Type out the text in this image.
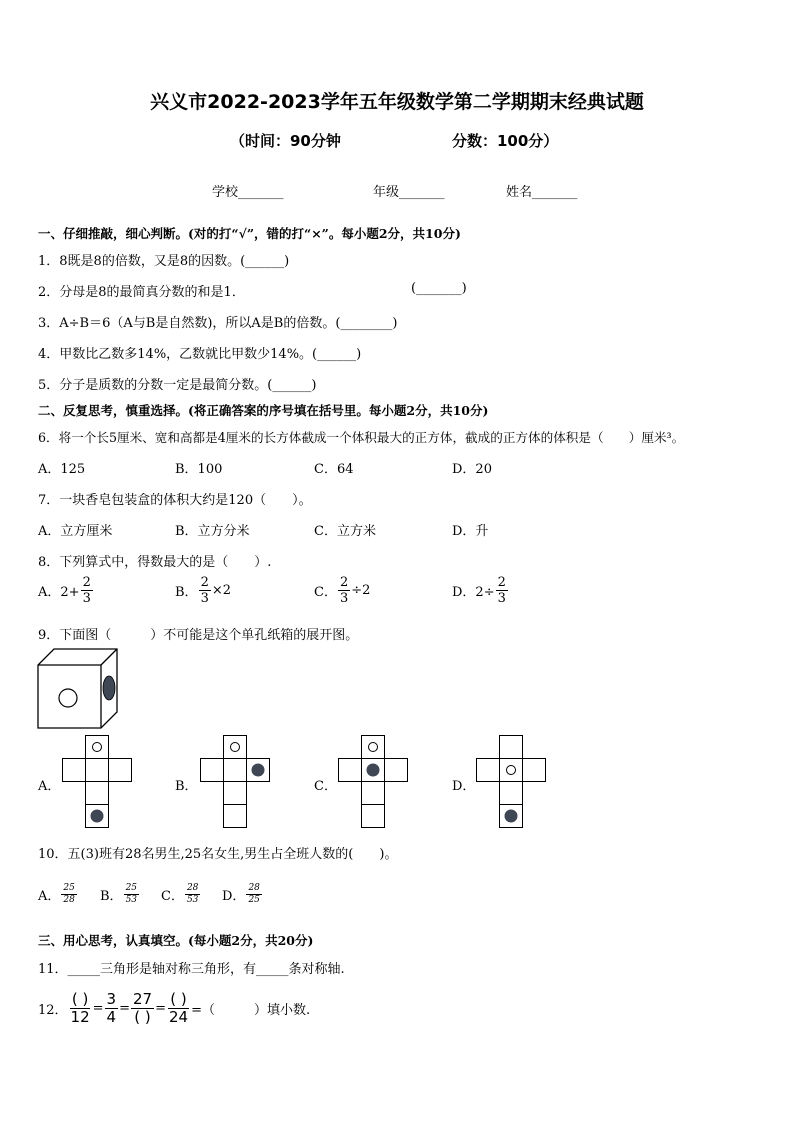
兴义市2022-2023学年五年级数学第二学期期末经典试题
（时间：90分钟	分数：100分）
学校_______	年级_______	姓名_______
一、仔细推敲，细心判断。(对的打“√”，错的打“×”。每小题2分，共10分)
1．8既是8的倍数，又是8的因数。(______)
2．分母是8的最简真分数的和是1．	(_______)
3．A÷B＝6（A与B是自然数)，所以A是B的倍数。(________)
4．甲数比乙数多14%，乙数就比甲数少14%。(______)
5．分子是质数的分数一定是最简分数。(______)
二、反复思考，慎重选择。(将正确答案的序号填在括号里。每小题2分，共10分)
6．将一个长5厘米、宽和高都是4厘米的长方体截成一个体积最大的正方体，截成的正方体的体积是（　　）厘米³。
A．125	B．100	C．64	D．20
7．一块香皂包装盒的体积大约是120（　　）。
A．立方厘米	B．立方分米	C．立方米	D．升
8．下列算式中，得数最大的是（　　）.
A．$2+ \frac{2}{3}$	B． $\frac{2}{3} \times 2$	C． $\frac{2}{3} \div 2$	D．$2\div \frac{2}{3}$
9．下面图（　　　）不可能是这个单孔纸箱的展开图。
A．	B．	C．	D．
10．五(3)班有28名男生,25名女生,男生占全班人数的(　　)。
A． $\frac{25}{28}$ B． $\frac{25}{53}$ C． $\frac{28}{53}$ D． $\frac{28}{25}$
三、用心思考，认真填空。(每小题2分，共20分)
11．_____三角形是轴对称三角形，有_____条对称轴.
12． $\frac{( )}{12} = \frac{3}{4} = \frac{27}{( )} = \frac{( )}{24}$ =（　　　）填小数.
